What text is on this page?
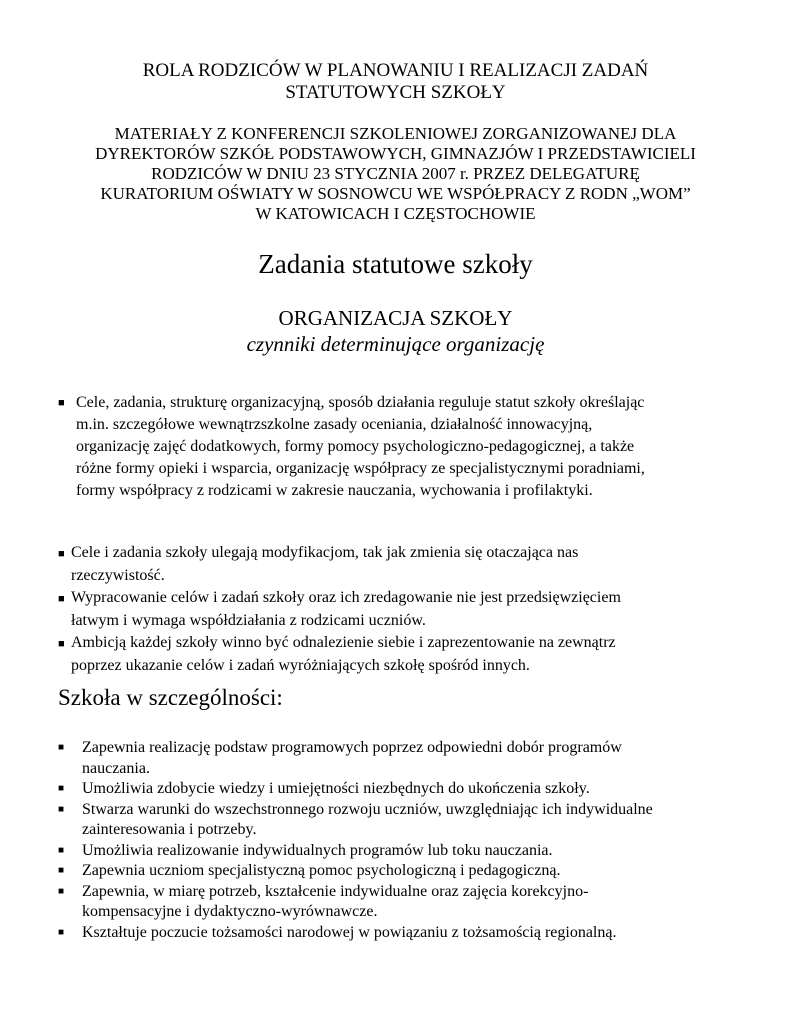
ROLA RODZICÓW W PLANOWANIU I REALIZACJI ZADAŃ
STATUTOWYCH SZKOŁY
MATERIAŁY Z KONFERENCJI SZKOLENIOWEJ ZORGANIZOWANEJ DLA
DYREKTORÓW SZKÓŁ PODSTAWOWYCH, GIMNAZJÓW I PRZEDSTAWICIELI
RODZICÓW W DNIU 23 STYCZNIA 2007 r. PRZEZ DELEGATURĘ
KURATORIUM OŚWIATY W SOSNOWCU WE WSPÓŁPRACY Z RODN „WOM”
W KATOWICACH I CZĘSTOCHOWIE
Zadania statutowe szkoły
ORGANIZACJA SZKOŁY
czynniki determinujące organizację
■ Cele, zadania, strukturę organizacyjną, sposób działania reguluje statut szkoły określając
m.in. szczegółowe wewnątrzszkolne zasady oceniania, działalność innowacyjną,
organizację zajęć dodatkowych, formy pomocy psychologiczno-pedagogicznej, a także
różne formy opieki i wsparcia, organizację współpracy ze specjalistycznymi poradniami,
formy współpracy z rodzicami w zakresie nauczania, wychowania i profilaktyki.
■ Cele i zadania szkoły ulegają modyfikacjom, tak jak zmienia się otaczająca nas
rzeczywistość.
■ Wypracowanie celów i zadań szkoły oraz ich zredagowanie nie jest przedsięwzięciem
łatwym i wymaga współdziałania z rodzicami uczniów.
■ Ambicją każdej szkoły winno być odnalezienie siebie i zaprezentowanie na zewnątrz
poprzez ukazanie celów i zadań wyróżniających szkołę spośród innych.
Szkoła w szczególności:
■ Zapewnia realizację podstaw programowych poprzez odpowiedni dobór programów
nauczania.
■ Umożliwia zdobycie wiedzy i umiejętności niezbędnych do ukończenia szkoły.
■ Stwarza warunki do wszechstronnego rozwoju uczniów, uwzględniając ich indywidualne
zainteresowania i potrzeby.
■ Umożliwia realizowanie indywidualnych programów lub toku nauczania.
■ Zapewnia uczniom specjalistyczną pomoc psychologiczną i pedagogiczną.
■ Zapewnia, w miarę potrzeb, kształcenie indywidualne oraz zajęcia korekcyjno-
kompensacyjne i dydaktyczno-wyrównawcze.
■ Kształtuje poczucie tożsamości narodowej w powiązaniu z tożsamością regionalną.
